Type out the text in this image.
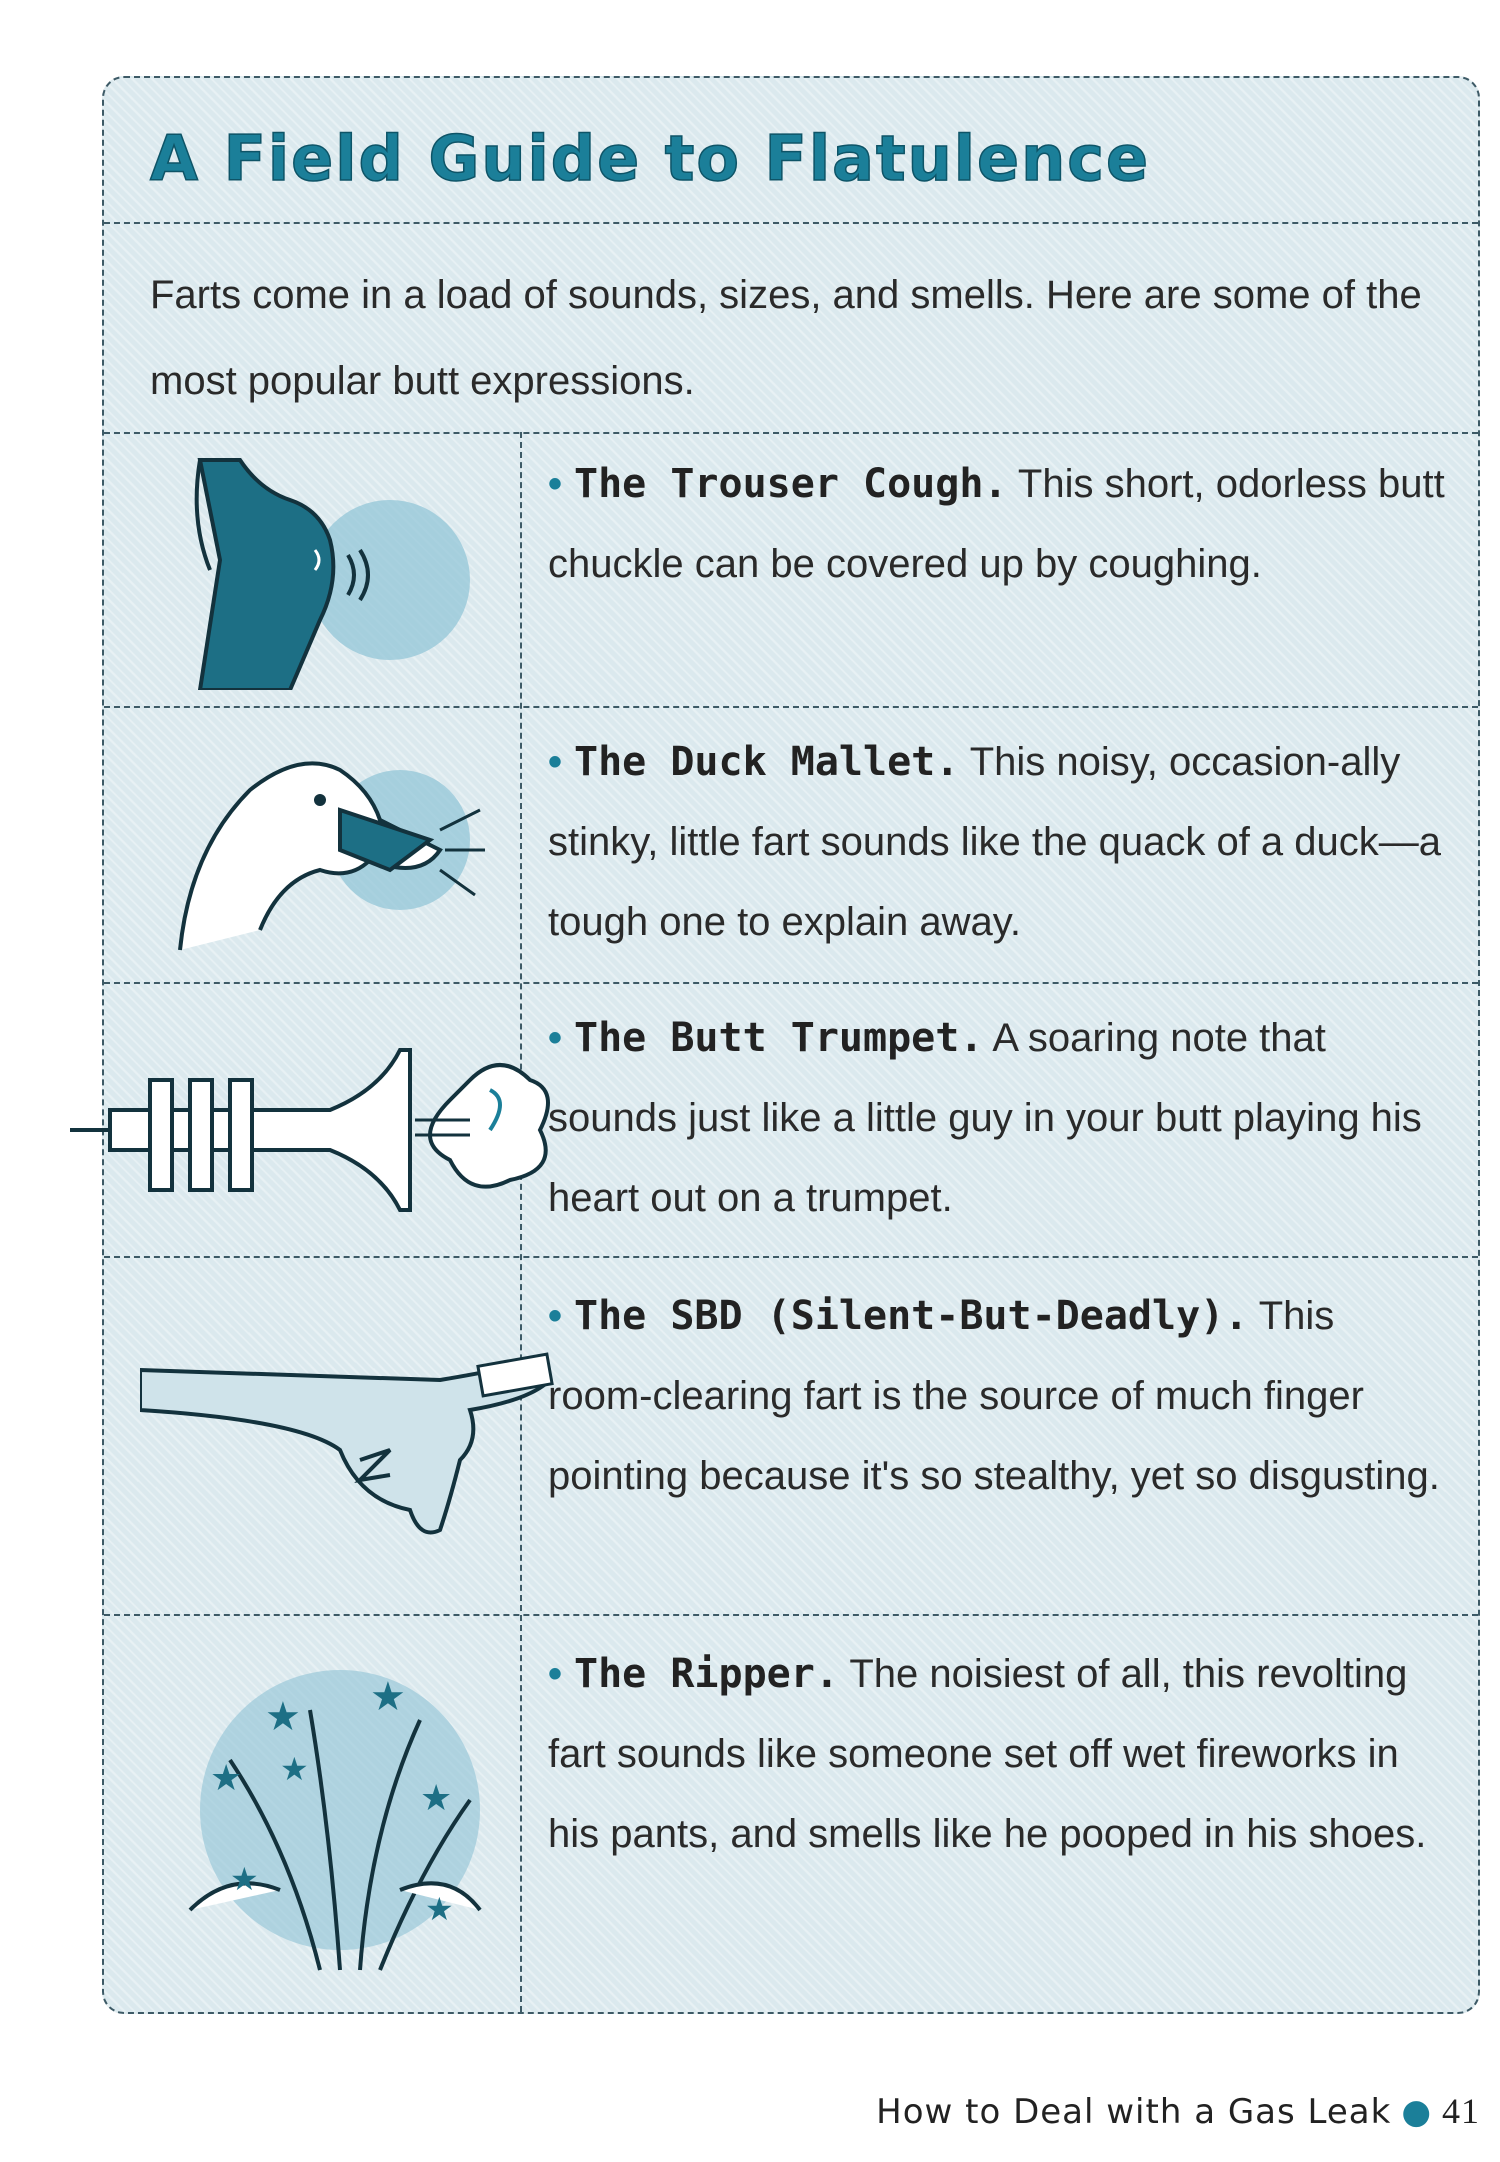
A Field Guide to Flatulence
Farts come in a load of sounds, sizes, and smells. Here are some of the most popular butt expressions.
★ ★
★	★
★
★
★
• The Trouser Cough. This short, odorless butt chuckle can be covered up by coughing.
• The Duck Mallet. This noisy, occasion-ally stinky, little fart sounds like the quack of a duck—a tough one to explain away.
• The Butt Trumpet. A soaring note that sounds just like a little guy in your butt playing his heart out on a trumpet.
• The SBD (Silent-But-Deadly). This room-clearing fart is the source of much finger pointing because it's so stealthy, yet so disgusting.
• The Ripper. The noisiest of all, this revolting fart sounds like someone set off wet fireworks in his pants, and smells like he pooped in his shoes.
How to Deal with a Gas Leak ● 41
